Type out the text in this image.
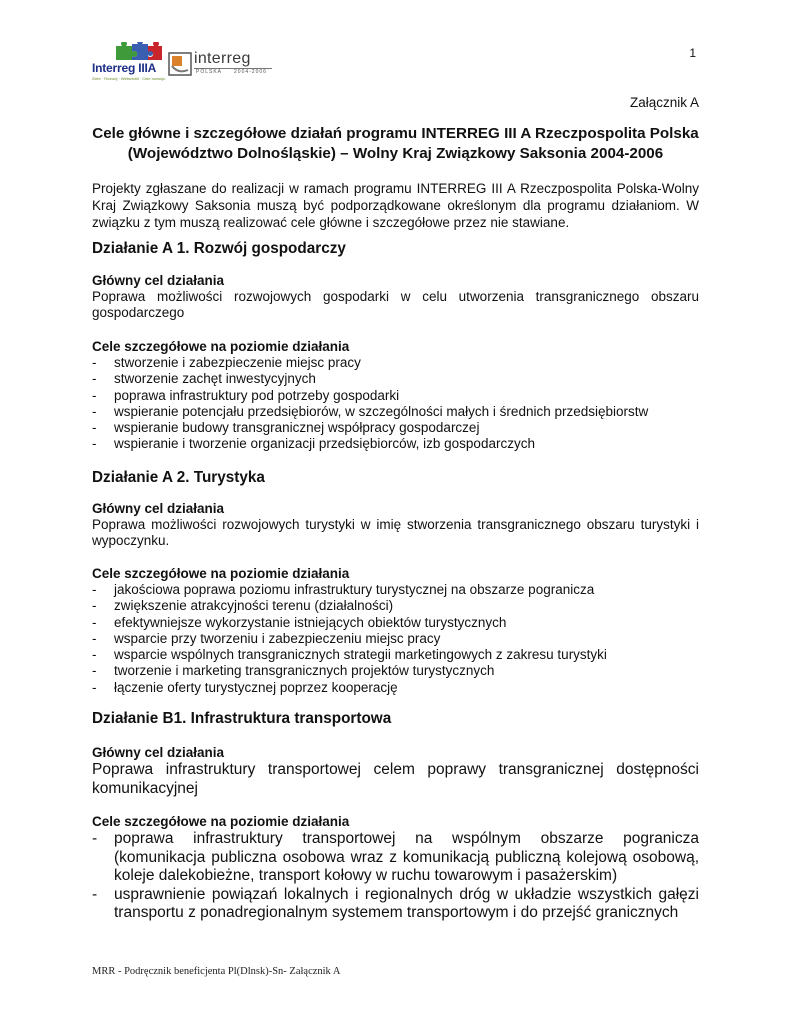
Interreg IIIA
Ziele · Rozwój · Wirtschaft · Cele rozwoju
interreg
POLSKA 2004-2006
1
Załącznik A
Cele główne i szczegółowe działań programu INTERREG III A Rzeczpospolita Polska (Województwo Dolnośląskie) – Wolny Kraj Związkowy Saksonia 2004-2006
Projekty zgłaszane do realizacji w ramach programu INTERREG III A Rzeczpospolita Polska-Wolny Kraj Związkowy Saksonia muszą być podporządkowane określonym dla programu działaniom. W związku z tym muszą realizować cele główne i szczegółowe przez nie stawiane.

Działanie A 1. Rozwój gospodarczy

Główny cel działania

Poprawa możliwości rozwojowych gospodarki w celu utworzenia transgranicznego obszaru gospodarczego

Cele szczegółowe na poziomie działania

- stworzenie i zabezpieczenie miejsc pracy
- stworzenie zachęt inwestycyjnych
- poprawa infrastruktury pod potrzeby gospodarki
- wspieranie potencjału przedsiębiorów, w szczególności małych i średnich przedsiębiorstw
- wspieranie budowy transgranicznej współpracy gospodarczej
- wspieranie i tworzenie organizacji przedsiębiorców, izb gospodarczych

Działanie A 2. Turystyka

Główny cel działania

Poprawa możliwości rozwojowych turystyki w imię stworzenia transgranicznego obszaru turystyki i wypoczynku.

Cele szczegółowe na poziomie działania

- jakościowa poprawa poziomu infrastruktury turystycznej na obszarze pogranicza
- zwiększenie atrakcyjności terenu (działalności)
- efektywniejsze wykorzystanie istniejących obiektów turystycznych
- wsparcie przy tworzeniu i zabezpieczeniu miejsc pracy
- wsparcie wspólnych transgranicznych strategii marketingowych z zakresu turystyki
- tworzenie i marketing transgranicznych projektów turystycznych
- łączenie oferty turystycznej poprzez kooperację

Działanie B1. Infrastruktura transportowa

Główny cel działania

Poprawa infrastruktury transportowej celem poprawy transgranicznej dostępności komunikacyjnej

Cele szczegółowe na poziomie działania

- poprawa infrastruktury transportowej na wspólnym obszarze pogranicza (komunikacja publiczna osobowa wraz z komunikacją publiczną kolejową osobową, koleje dalekobieżne, transport kołowy w ruchu towarowym i pasażerskim)
- usprawnienie powiązań lokalnych i regionalnych dróg w układzie wszystkich gałęzi transportu z ponadregionalnym systemem transportowym i do przejść granicznych
MRR - Podręcznik beneficjenta Pl(Dlnsk)-Sn- Załącznik A
